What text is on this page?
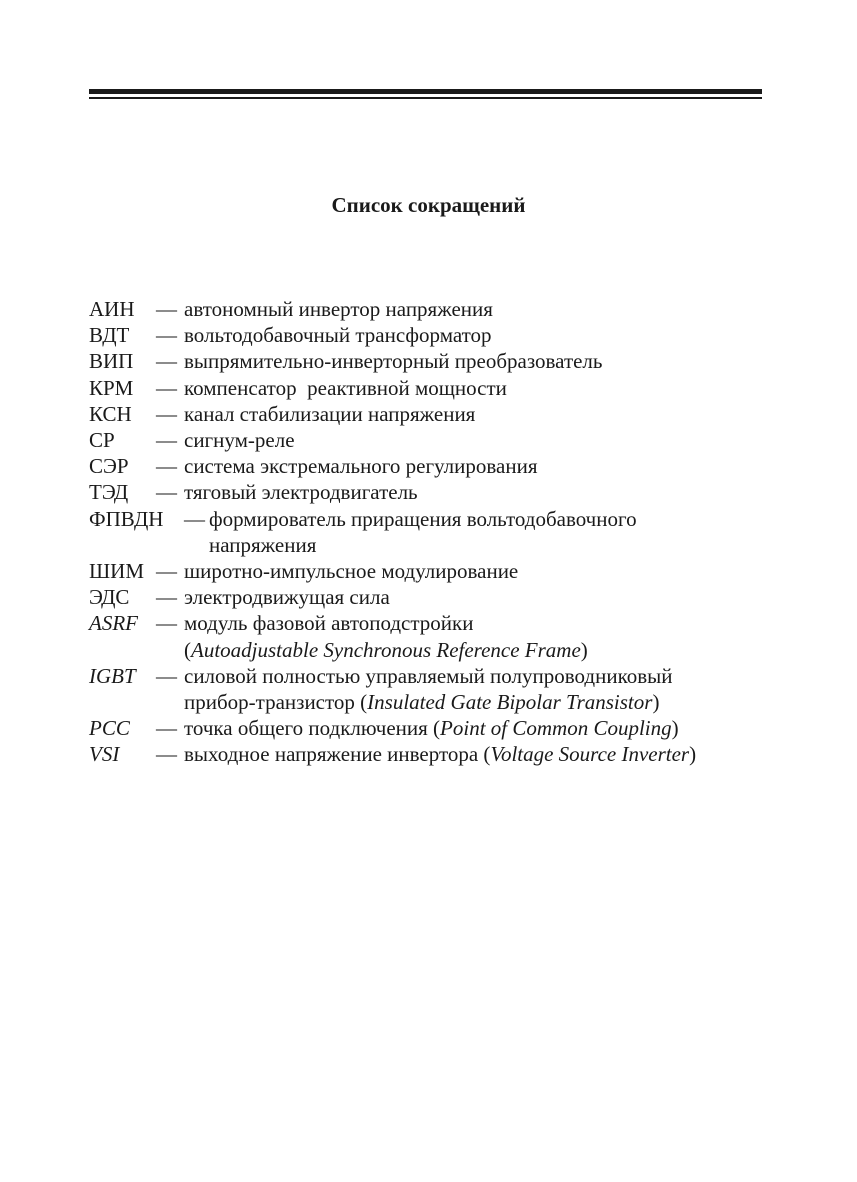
Список сокращений
АИН — автономный инвертор напряжения
ВДТ — вольтодобавочный трансформатор
ВИП — выпрямительно-инверторный преобразователь
КРМ — компенсатор  реактивной мощности
КСН — канал стабилизации напряжения
СР — сигнум-реле
СЭР — система экстремального регулирования
ТЭД — тяговый электродвигатель
ФПВДН — формирователь приращения вольтодобавочного
напряжения
ШИМ — широтно-импульсное модулирование
ЭДС — электродвижущая сила
ASRF — модуль фазовой автоподстройки
(Autoadjustable Synchronous Reference Frame)
IGBT — силовой полностью управляемый полупроводниковый
прибор-транзистор (Insulated Gate Bipolar Transistor)
PCC — точка общего подключения (Point of Common Coupling)
VSI — выходное напряжение инвертора (Voltage Source Inverter)
